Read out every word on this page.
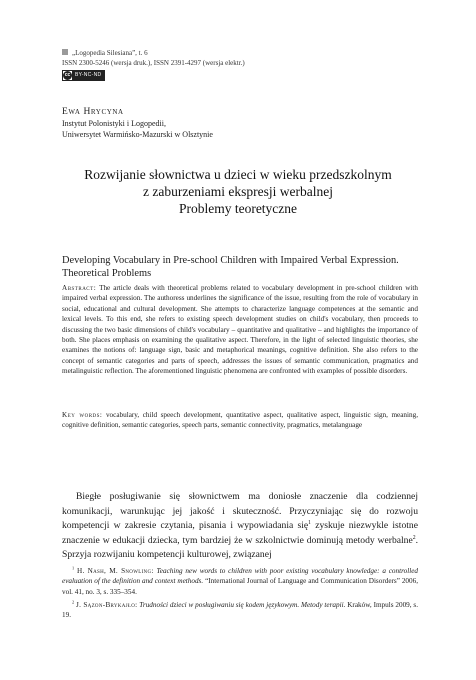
„Logopedia Silesiana”, t. 6
ISSN 2300-5246 (wersja druk.), ISSN 2391-4297 (wersja elektr.)
cc BY-NC-ND
Ewa Hrycyna
Instytut Polonistyki i Logopedii,
Uniwersytet Warmińsko-Mazurski w Olsztynie
Rozwijanie słownictwa u dzieci w wieku przedszkolnym
z zaburzeniami ekspresji werbalnej
Problemy teoretyczne
Developing Vocabulary in Pre-school Children with Impaired Verbal Expression. Theoretical Problems
Abstract: The article deals with theoretical problems related to vocabulary development in pre-school children with impaired verbal expression. The authoress underlines the significance of the issue, resulting from the role of vocabulary in social, educational and cultural development. She attempts to characterize language competences at the semantic and lexical levels. To this end, she refers to existing speech development studies on child's vocabulary, then proceeds to discussing the two basic dimensions of child's vocabulary – quantitative and qualitative – and highlights the importance of both. She places emphasis on examining the qualitative aspect. Therefore, in the light of selected linguistic theories, she examines the notions of: language sign, basic and metaphorical meanings, cognitive definition. She also refers to the concept of semantic categories and parts of speech, addresses the issues of semantic communication, pragmatics and metalinguistic reflection. The aforementioned linguistic phenomena are confronted with examples of possible disorders.
Key words: vocabulary, child speech development, quantitative aspect, qualitative aspect, linguistic sign, meaning, cognitive definition, semantic categories, speech parts, semantic connectivity, pragmatics, metalanguage
Biegłe posługiwanie się słownictwem ma doniosłe znaczenie dla codziennej komunikacji, warunkując jej jakość i skuteczność. Przyczyniając się do rozwoju kompetencji w zakresie czytania, pisania i wypowiadania się$^1$ zyskuje niezwykle istotne znaczenie w edukacji dziecka, tym bardziej że w szkolnictwie dominują metody werbalne$^2$. Sprzyja rozwijaniu kompetencji kulturowej, związanej
$^1$ H. Nash, M. Snowling: Teaching new words to children with poor existing vocabulary knowledge: a controlled evaluation of the definition and context methods. “International Journal of Language and Communication Disorders” 2006, vol. 41, no. 3, s. 335–354.
$^2$ J. Sązon-Brykajło: Trudności dzieci w posługiwaniu się kodem językowym. Metody terapii. Kraków, Impuls 2009, s. 19.
